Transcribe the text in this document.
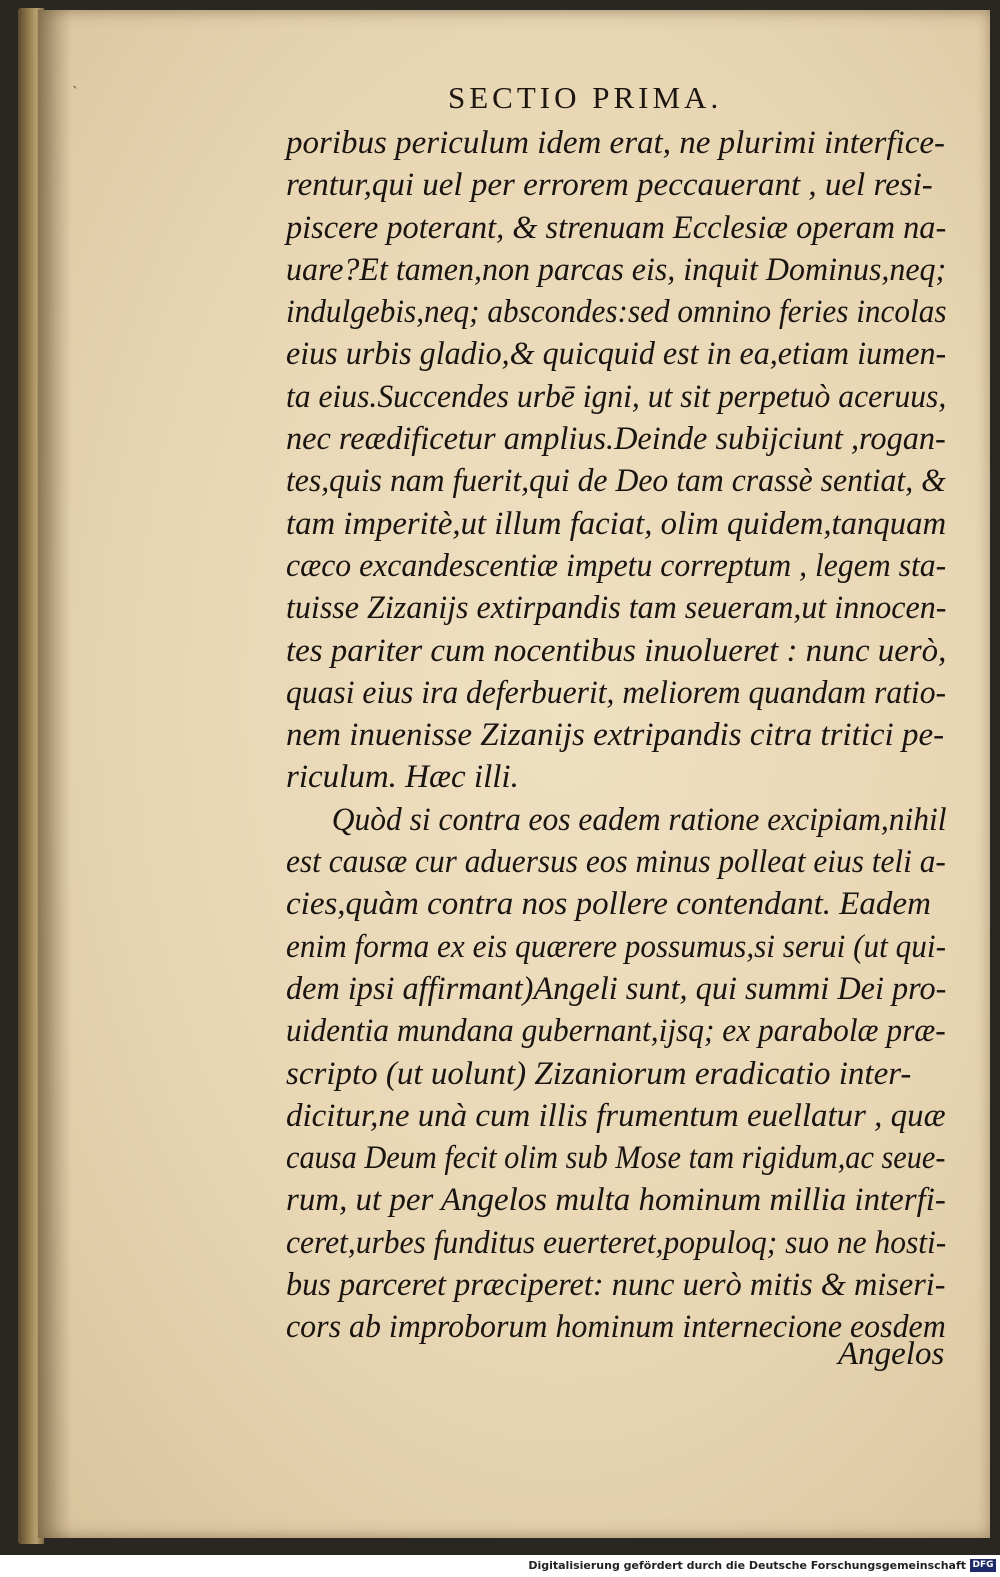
ˋ	SECTIO PRIMA.
poribus periculum idem erat, ne plurimi interfice-
rentur,qui uel per errorem peccauerant , uel resi-
piscere poterant, & strenuam Ecclesiæ operam na-
uare?Et tamen,non parcas eis, inquit Dominus,neq;
indulgebis,neq; abscondes:sed omnino feries incolas
eius urbis gladio,& quicquid est in ea,etiam iumen-
ta eius.Succendes urbē igni, ut sit perpetuò aceruus,
nec reædificetur amplius.Deinde subijciunt ,rogan-
tes,quis nam fuerit,qui de Deo tam crassè sentiat, &
tam imperitè,ut illum faciat, olim quidem,tanquam
cæco excandescentiæ impetu correptum , legem sta-
tuisse Zizanijs extirpandis tam seueram,ut innocen-
tes pariter cum nocentibus inuolueret : nunc uerò,
quasi eius ira deferbuerit, meliorem quandam ratio-
nem inuenisse Zizanijs extripandis citra tritici pe-
riculum. Hæc illi.
Quòd si contra eos eadem ratione excipiam,nihil
est causæ cur aduersus eos minus polleat eius teli a-
cies,quàm contra nos pollere contendant. Eadem
enim forma ex eis quærere possumus,si serui (ut qui-
dem ipsi affirmant)Angeli sunt, qui summi Dei pro-
uidentia mundana gubernant,ijsq; ex parabolæ præ-
scripto (ut uolunt) Zizaniorum eradicatio inter-
dicitur,ne unà cum illis frumentum euellatur , quæ
causa Deum fecit olim sub Mose tam rigidum,ac seue-
rum, ut per Angelos multa hominum millia interfi-
ceret,urbes funditus euerteret,populoq; suo ne hosti-
bus parceret præciperet: nunc uerò mitis & miseri-
cors ab improborum hominum internecione eosdem
Angelos
Digitalisierung gefördert durch die Deutsche Forschungsgemeinschaft DFG
